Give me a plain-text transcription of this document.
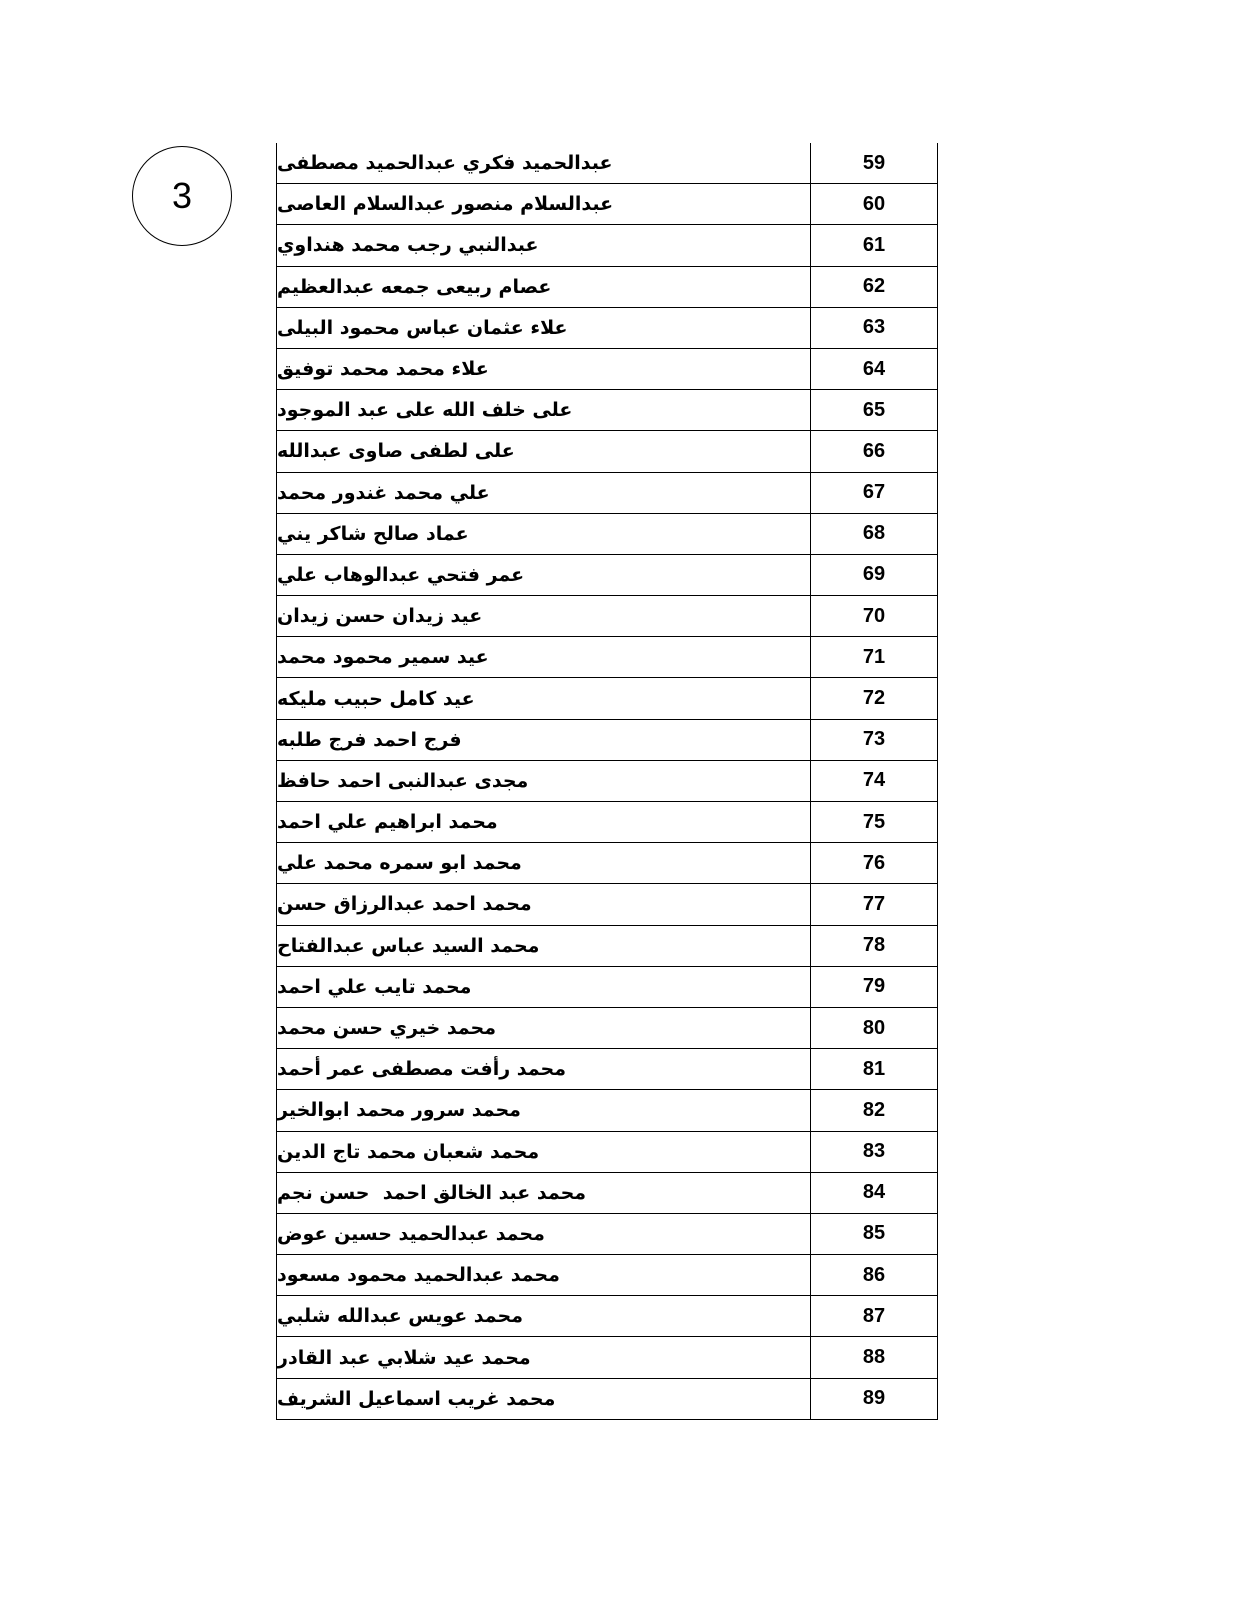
3
عبدالحميد فكري عبدالحميد مصطفى	59
عبدالسلام منصور عبدالسلام العاصى	60
عبدالنبي رجب محمد هنداوي	61
عصام ربيعى جمعه عبدالعظيم	62
علاء عثمان عباس محمود البيلى	63
علاء محمد محمد توفيق	64
على خلف الله على عبد الموجود	65
على لطفى صاوى عبدالله	66
علي محمد غندور محمد	67
عماد صالح شاكر يني	68
عمر فتحي عبدالوهاب علي	69
عيد زيدان حسن زيدان	70
عيد سمير محمود محمد	71
عيد كامل حبيب مليكه	72
فرج احمد فرج طلبه	73
مجدى عبدالنبى احمد حافظ	74
محمد ابراهيم علي احمد	75
محمد ابو سمره محمد علي	76
محمد احمد عبدالرزاق حسن	77
محمد السيد عباس عبدالفتاح	78
محمد تايب علي احمد	79
محمد خيري حسن محمد	80
محمد رأفت مصطفى عمر أحمد	81
محمد سرور محمد ابوالخير	82
محمد شعبان محمد تاج الدين	83
محمد عبد الخالق احمد  حسن نجم	84
محمد عبدالحميد حسين عوض	85
محمد عبدالحميد محمود مسعود	86
محمد عويس عبدالله شلبي	87
محمد عيد شلابي عبد القادر	88
محمد غريب اسماعيل الشريف	89
